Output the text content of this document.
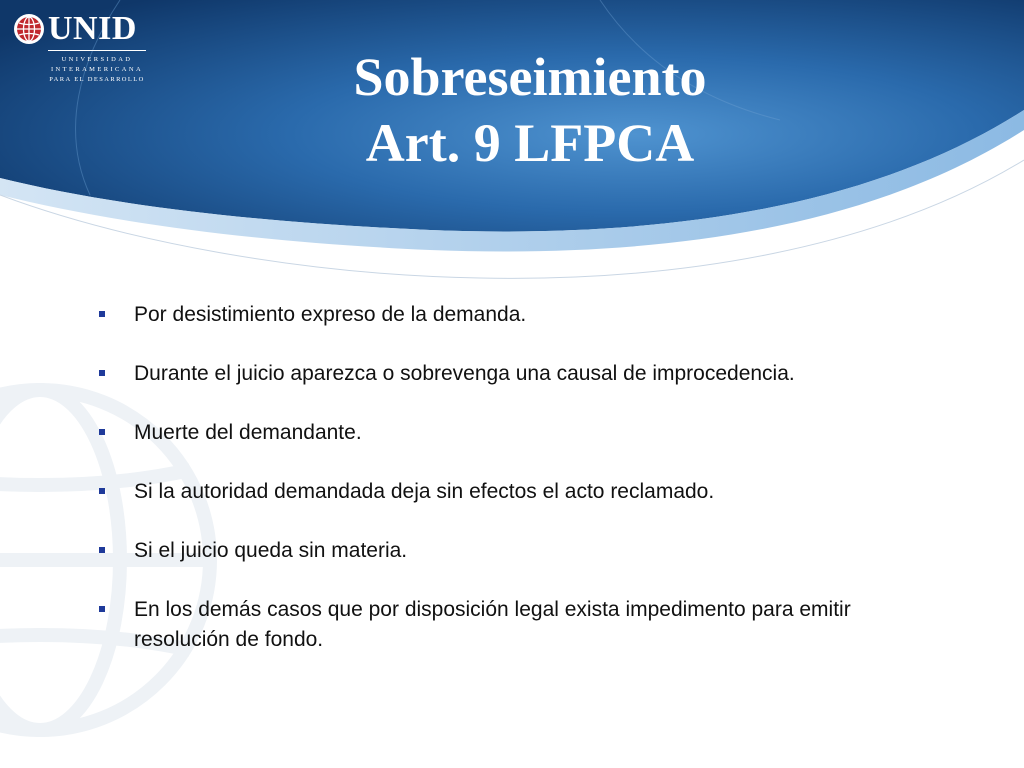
UNID
UNIVERSIDAD
INTERAMERICANA
PARA EL DESARROLLO	Sobreseimiento
Art. 9 LFPCA
Por desistimiento expreso de la demanda.
Durante el juicio aparezca o sobrevenga una causal de improcedencia.
Muerte del demandante.
Si la autoridad demandada deja sin efectos el acto reclamado.
Si el juicio queda sin materia.
En los demás casos que por disposición legal exista impedimento para emitir resolución de fondo.
